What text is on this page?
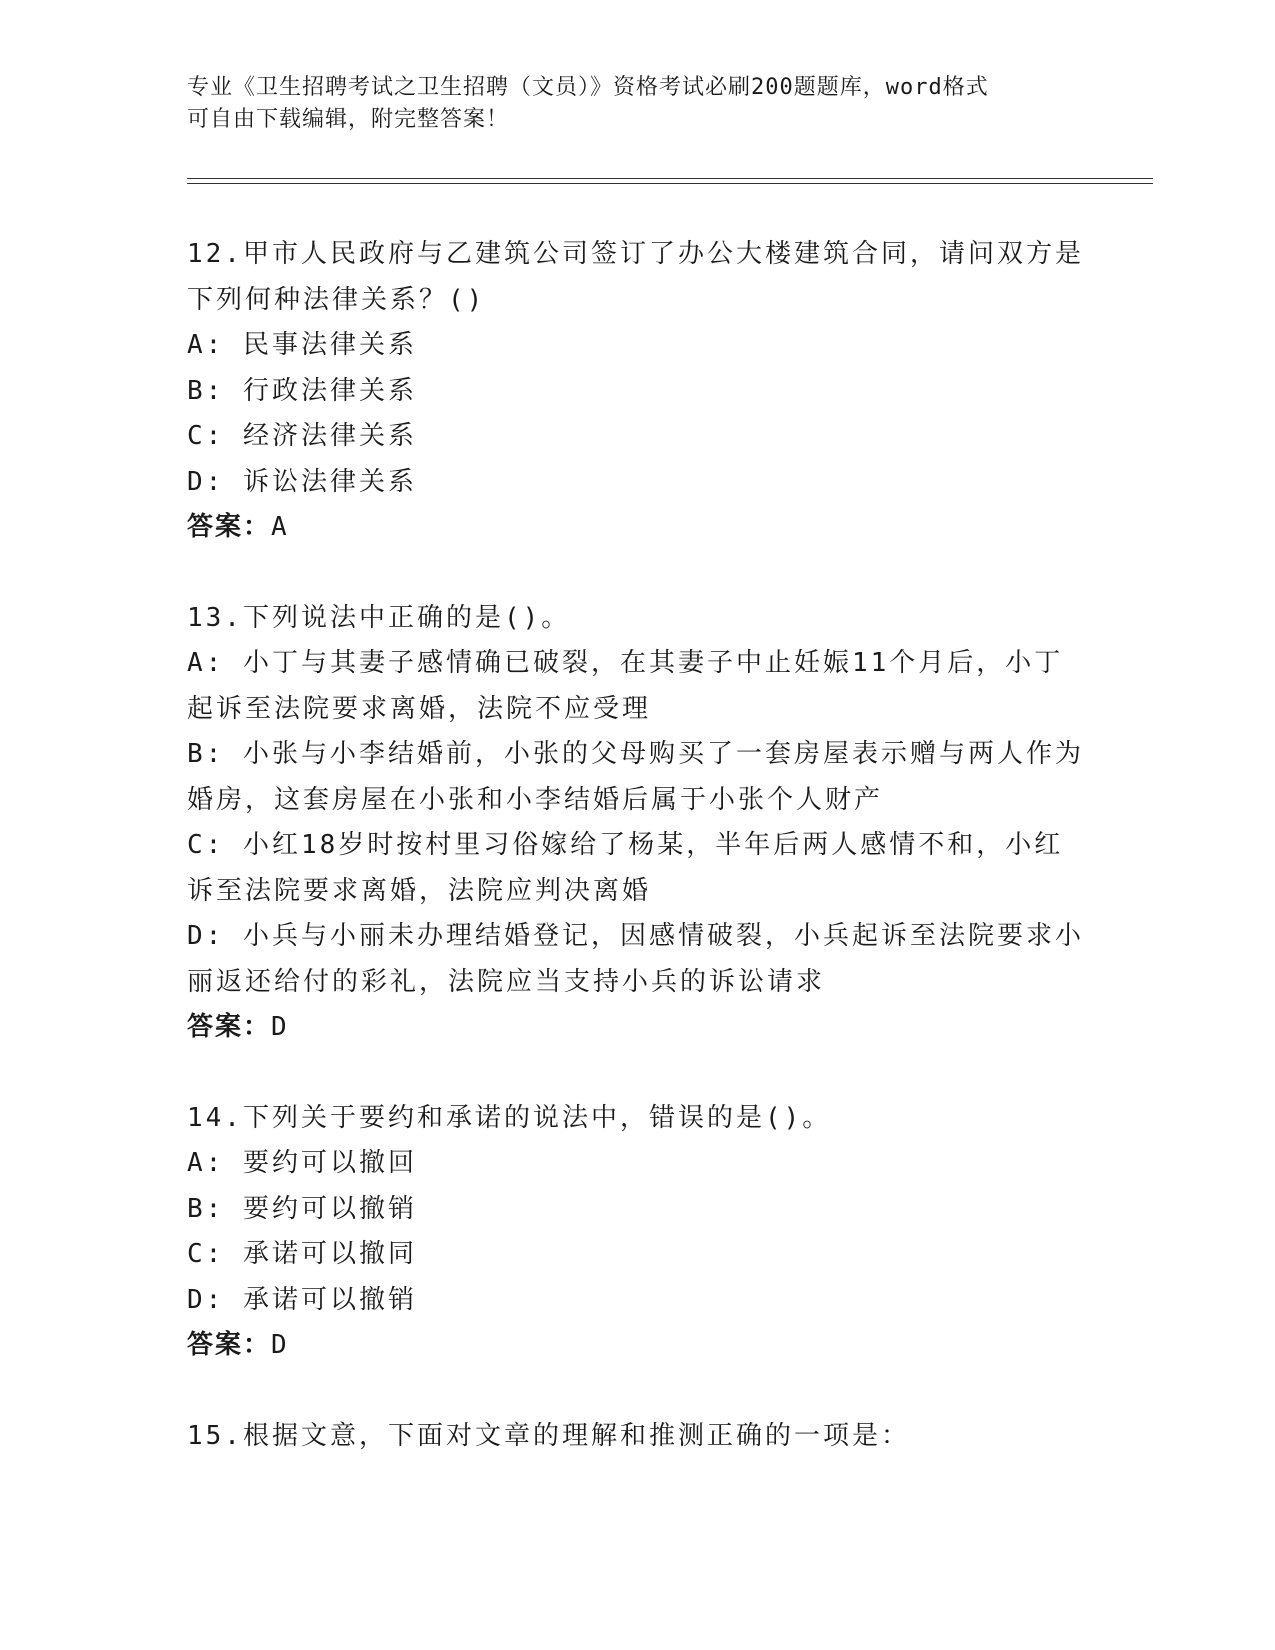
专业《卫生招聘考试之卫生招聘（文员）》资格考试必刷200题题库，word格式
可自由下载编辑，附完整答案！

12.甲市人民政府与乙建筑公司签订了办公大楼建筑合同，请问双方是下列何种法律关系？()

A: 民事法律关系

B: 行政法律关系

C: 经济法律关系

D: 诉讼法律关系

答案：A

13.下列说法中正确的是()。

A: 小丁与其妻子感情确已破裂，在其妻子中止妊娠11个月后，小丁起诉至法院要求离婚，法院不应受理

B: 小张与小李结婚前，小张的父母购买了一套房屋表示赠与两人作为婚房，这套房屋在小张和小李结婚后属于小张个人财产

C: 小红18岁时按村里习俗嫁给了杨某，半年后两人感情不和，小红诉至法院要求离婚，法院应判决离婚

D: 小兵与小丽未办理结婚登记，因感情破裂，小兵起诉至法院要求小丽返还给付的彩礼，法院应当支持小兵的诉讼请求

答案：D

14.下列关于要约和承诺的说法中，错误的是()。

A: 要约可以撤回

B: 要约可以撤销

C: 承诺可以撤同

D: 承诺可以撤销

答案：D

15.根据文意，下面对文章的理解和推测正确的一项是：
